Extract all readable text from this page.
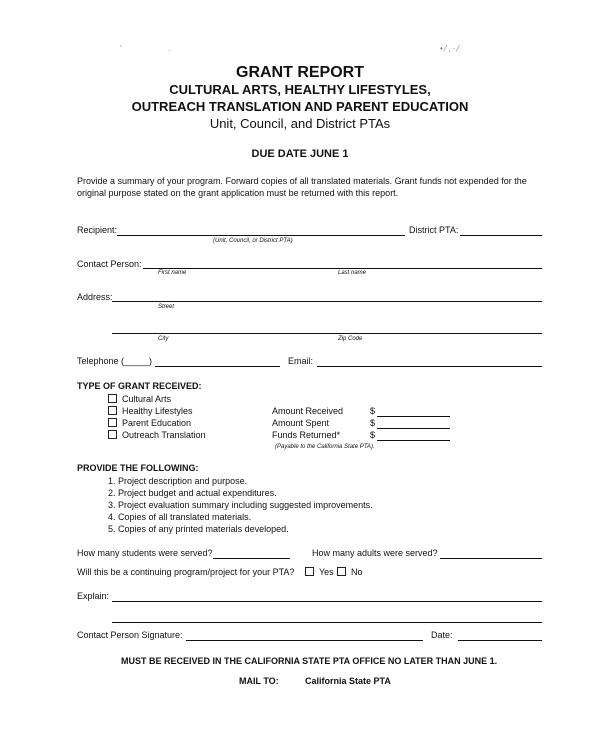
‘	.	• ⁄ ‚ · ⁄
GRANT REPORT
CULTURAL ARTS, HEALTHY LIFESTYLES,
OUTREACH TRANSLATION AND PARENT EDUCATION
Unit, Council, and District PTAs
DUE DATE JUNE 1
Provide a summary of your program. Forward copies of all translated materials. Grant funds not expended for the
original purpose stated on the grant application must be returned with this report.
Recipient:
(Unit, Council, or District PTA)
District PTA:
Contact Person:
First name	Last name
Address:
Street
City	Zip Code
Telephone (_____)	Email:
TYPE OF GRANT RECEIVED:
Cultural Arts
Healthy Lifestyles
Parent Education
Outreach Translation
Amount Received	$
Amount Spent	$
Funds Returned*	$
(Payable to the California State PTA).
PROVIDE THE FOLLOWING:
1. Project description and purpose.
2. Project budget and actual expenditures.
3. Project evaluation summary including suggested improvements.
4. Copies of all translated materials.
5. Copies of any printed materials developed.
How many students were served?	How many adults were served?
Will this be a continuing program/project for your PTA?	Yes	No
Explain:
Contact Person Signature:	Date:
MUST BE RECEIVED IN THE CALIFORNIA STATE PTA OFFICE NO LATER THAN JUNE 1.
MAIL TO:	California State PTA
